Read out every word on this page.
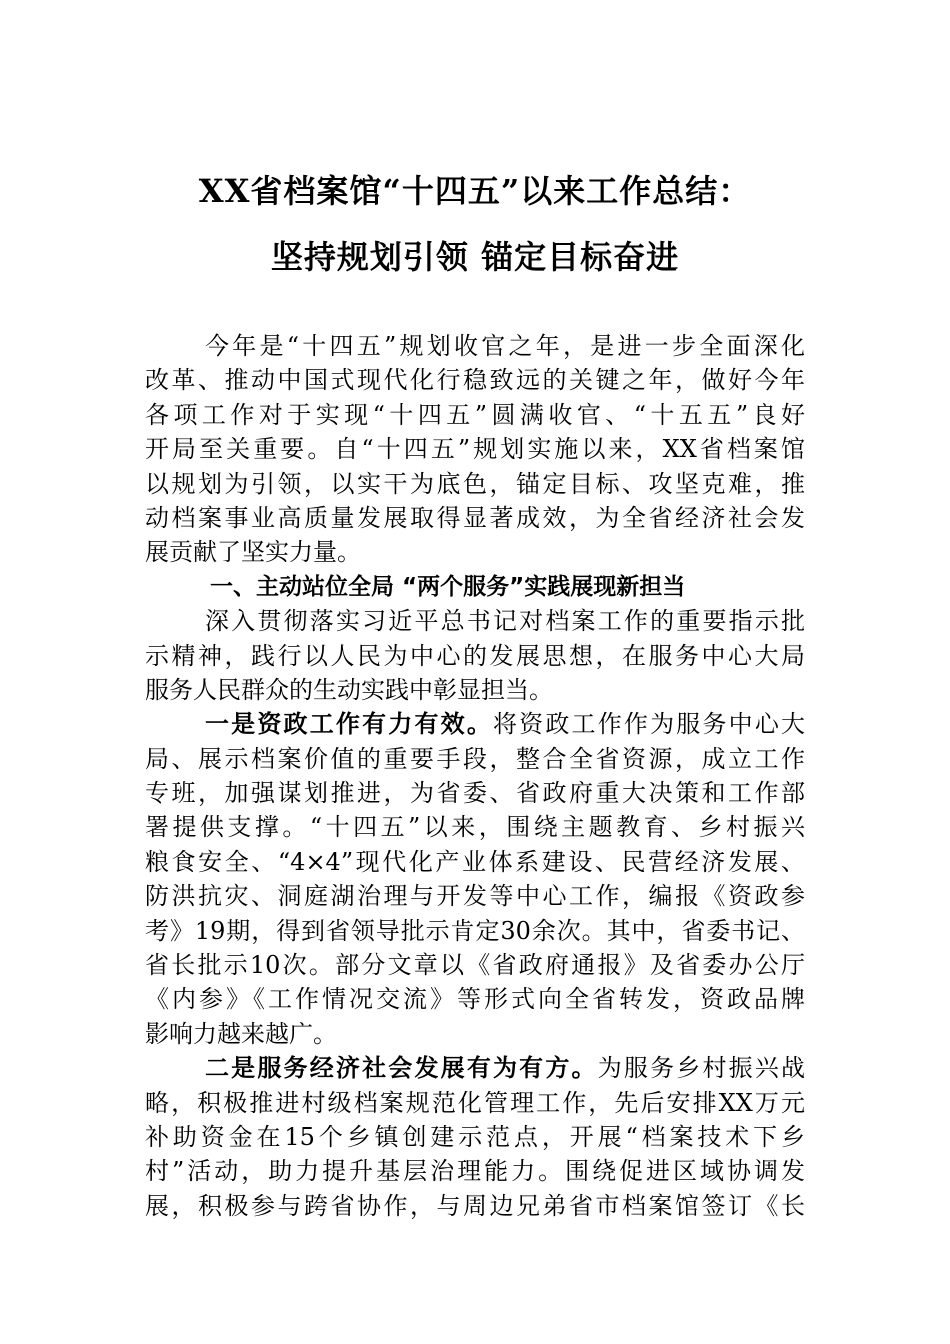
XX省档案馆“十四五”以来工作总结：
坚持规划引领 锚定目标奋进
今年是“十四五”规划收官之年，是进一步全面深化
改革、推动中国式现代化行稳致远的关键之年，做好今年
各项工作对于实现“十四五”圆满收官、“十五五”良好
开局至关重要。自“十四五”规划实施以来，XX省档案馆
以规划为引领，以实干为底色，锚定目标、攻坚克难，推
动档案事业高质量发展取得显著成效，为全省经济社会发
展贡献了坚实力量。
一、主动站位全局 “两个服务”实践展现新担当
深入贯彻落实习近平总书记对档案工作的重要指示批
示精神，践行以人民为中心的发展思想，在服务中心大局
服务人民群众的生动实践中彰显担当。
一是资政工作有力有效。将资政工作作为服务中心大
局、展示档案价值的重要手段，整合全省资源，成立工作
专班，加强谋划推进，为省委、省政府重大决策和工作部
署提供支撑。“十四五”以来，围绕主题教育、乡村振兴
粮食安全、“4×4”现代化产业体系建设、民营经济发展、
防洪抗灾、洞庭湖治理与开发等中心工作，编报《资政参
考》19期，得到省领导批示肯定30余次。其中，省委书记、
省长批示10次。部分文章以《省政府通报》及省委办公厅
《内参》《工作情况交流》等形式向全省转发，资政品牌
影响力越来越广。
二是服务经济社会发展有为有方。为服务乡村振兴战
略，积极推进村级档案规范化管理工作，先后安排XX万元
补助资金在15个乡镇创建示范点，开展“档案技术下乡
村”活动，助力提升基层治理能力。围绕促进区域协调发
展，积极参与跨省协作，与周边兄弟省市档案馆签订《长
